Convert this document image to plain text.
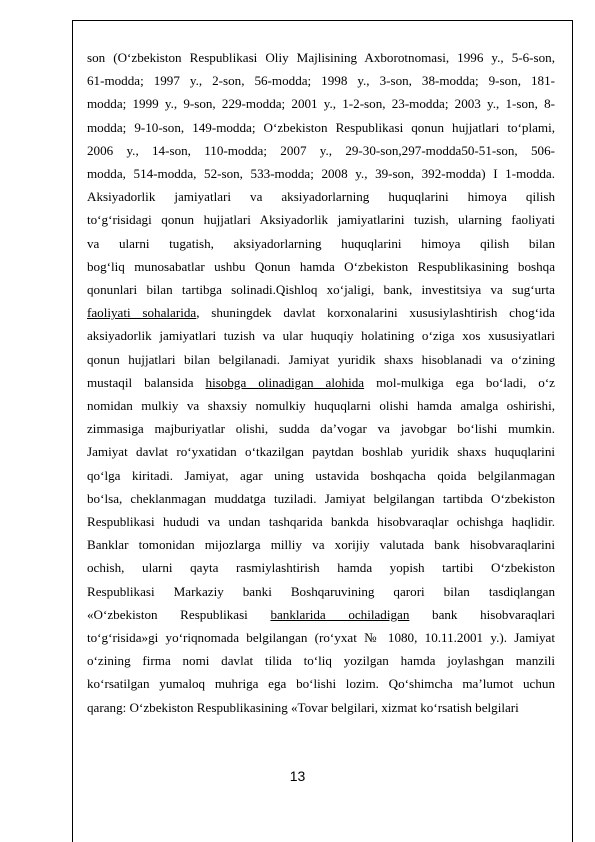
son (O‘zbekiston Respublikasi Oliy Majlisining Axborotnomasi, 1996 y., 5-6-son,
61-modda; 1997 y., 2-son, 56-modda; 1998 y., 3-son, 38-modda; 9-son, 181-
modda; 1999 y., 9-son, 229-modda; 2001 y., 1-2-son, 23-modda; 2003 y., 1-son, 8-
modda; 9-10-son, 149-modda; O‘zbekiston Respublikasi qonun hujjatlari to‘plami,
2006 y., 14-son, 110-modda; 2007 y., 29-30-son,297-modda50-51-son, 506-
modda, 514-modda, 52-son, 533-modda; 2008 y., 39-son, 392-modda) I 1-modda.
Aksiyadorlik jamiyatlari va aksiyadorlarning huquqlarini himoya qilish
to‘g‘risidagi qonun hujjatlari Aksiyadorlik jamiyatlarini tuzish, ularning faoliyati
va ularni tugatish, aksiyadorlarning huquqlarini himoya qilish bilan
bog‘liq munosabatlar ushbu Qonun hamda O‘zbekiston Respublikasining boshqa
qonunlari bilan tartibga solinadi.Qishloq xo‘jaligi, bank, investitsiya va sug‘urta
faoliyati sohalarida, shuningdek davlat korxonalarini xususiylashtirish chog‘ida
aksiyadorlik jamiyatlari tuzish va ular huquqiy holatining o‘ziga xos xususiyatlari
qonun hujjatlari bilan belgilanadi. Jamiyat yuridik shaxs hisoblanadi va o‘zining
mustaqil balansida hisobga olinadigan alohida mol-mulkiga ega bo‘ladi, o‘z
nomidan mulkiy va shaxsiy nomulkiy huquqlarni olishi hamda amalga oshirishi,
zimmasiga majburiyatlar olishi, sudda da’vogar va javobgar bo‘lishi mumkin.
Jamiyat davlat ro‘yxatidan o‘tkazilgan paytdan boshlab yuridik shaxs huquqlarini
qo‘lga kiritadi. Jamiyat, agar uning ustavida boshqacha qoida belgilanmagan
bo‘lsa, cheklanmagan muddatga tuziladi. Jamiyat belgilangan tartibda O‘zbekiston
Respublikasi hududi va undan tashqarida bankda hisobvaraqlar ochishga haqlidir.
Banklar tomonidan mijozlarga milliy va xorijiy valutada bank hisobvaraqlarini
ochish, ularni qayta rasmiylashtirish hamda yopish tartibi O‘zbekiston
Respublikasi Markaziy banki Boshqaruvining qarori bilan tasdiqlangan
«O‘zbekiston Respublikasi banklarida ochiladigan bank hisobvaraqlari
to‘g‘risida»gi yo‘riqnomada belgilangan (ro‘yxat № 1080, 10.11.2001 y.). Jamiyat
o‘zining firma nomi davlat tilida to‘liq yozilgan hamda joylashgan manzili
ko‘rsatilgan yumaloq muhriga ega bo‘lishi lozim. Qo‘shimcha ma’lumot uchun
qarang: O‘zbekiston Respublikasining «Tovar belgilari, xizmat ko‘rsatish belgilari
13
